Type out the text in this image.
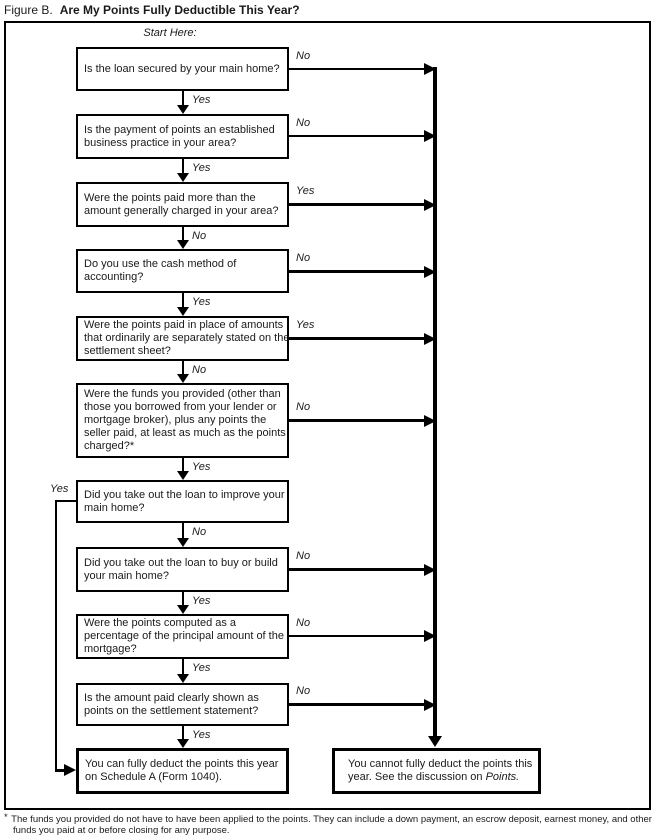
Figure B. Are My Points Fully Deductible This Year?
Start Here:
Is the loan secured by your main home?
Is the payment of points an established
business practice in your area?
Were the points paid more than the
amount generally charged in your area?
Do you use the cash method of
accounting?
Were the points paid in place of amounts
that ordinarily are separately stated on the
settlement sheet?
Were the funds you provided (other than
those you borrowed from your lender or
mortgage broker), plus any points the
seller paid, at least as much as the points
charged?*
Did you take out the loan to improve your
main home?
Did you take out the loan to buy or build
your main home?
Were the points computed as a
percentage of the principal amount of the
mortgage?
Is the amount paid clearly shown as
points on the settlement statement?
You can fully deduct the points this year
on Schedule A (Form 1040).
You cannot fully deduct the points this
year. See the discussion on Points.
Yes
Yes
No
Yes
No
Yes
No
Yes
Yes
Yes
No
No
Yes
No
Yes
No
No
No
No
Yes
* The funds you provided do not have to have been applied to the points. They can include a down payment, an escrow deposit, earnest money, and other funds you paid at or before closing for any purpose.
